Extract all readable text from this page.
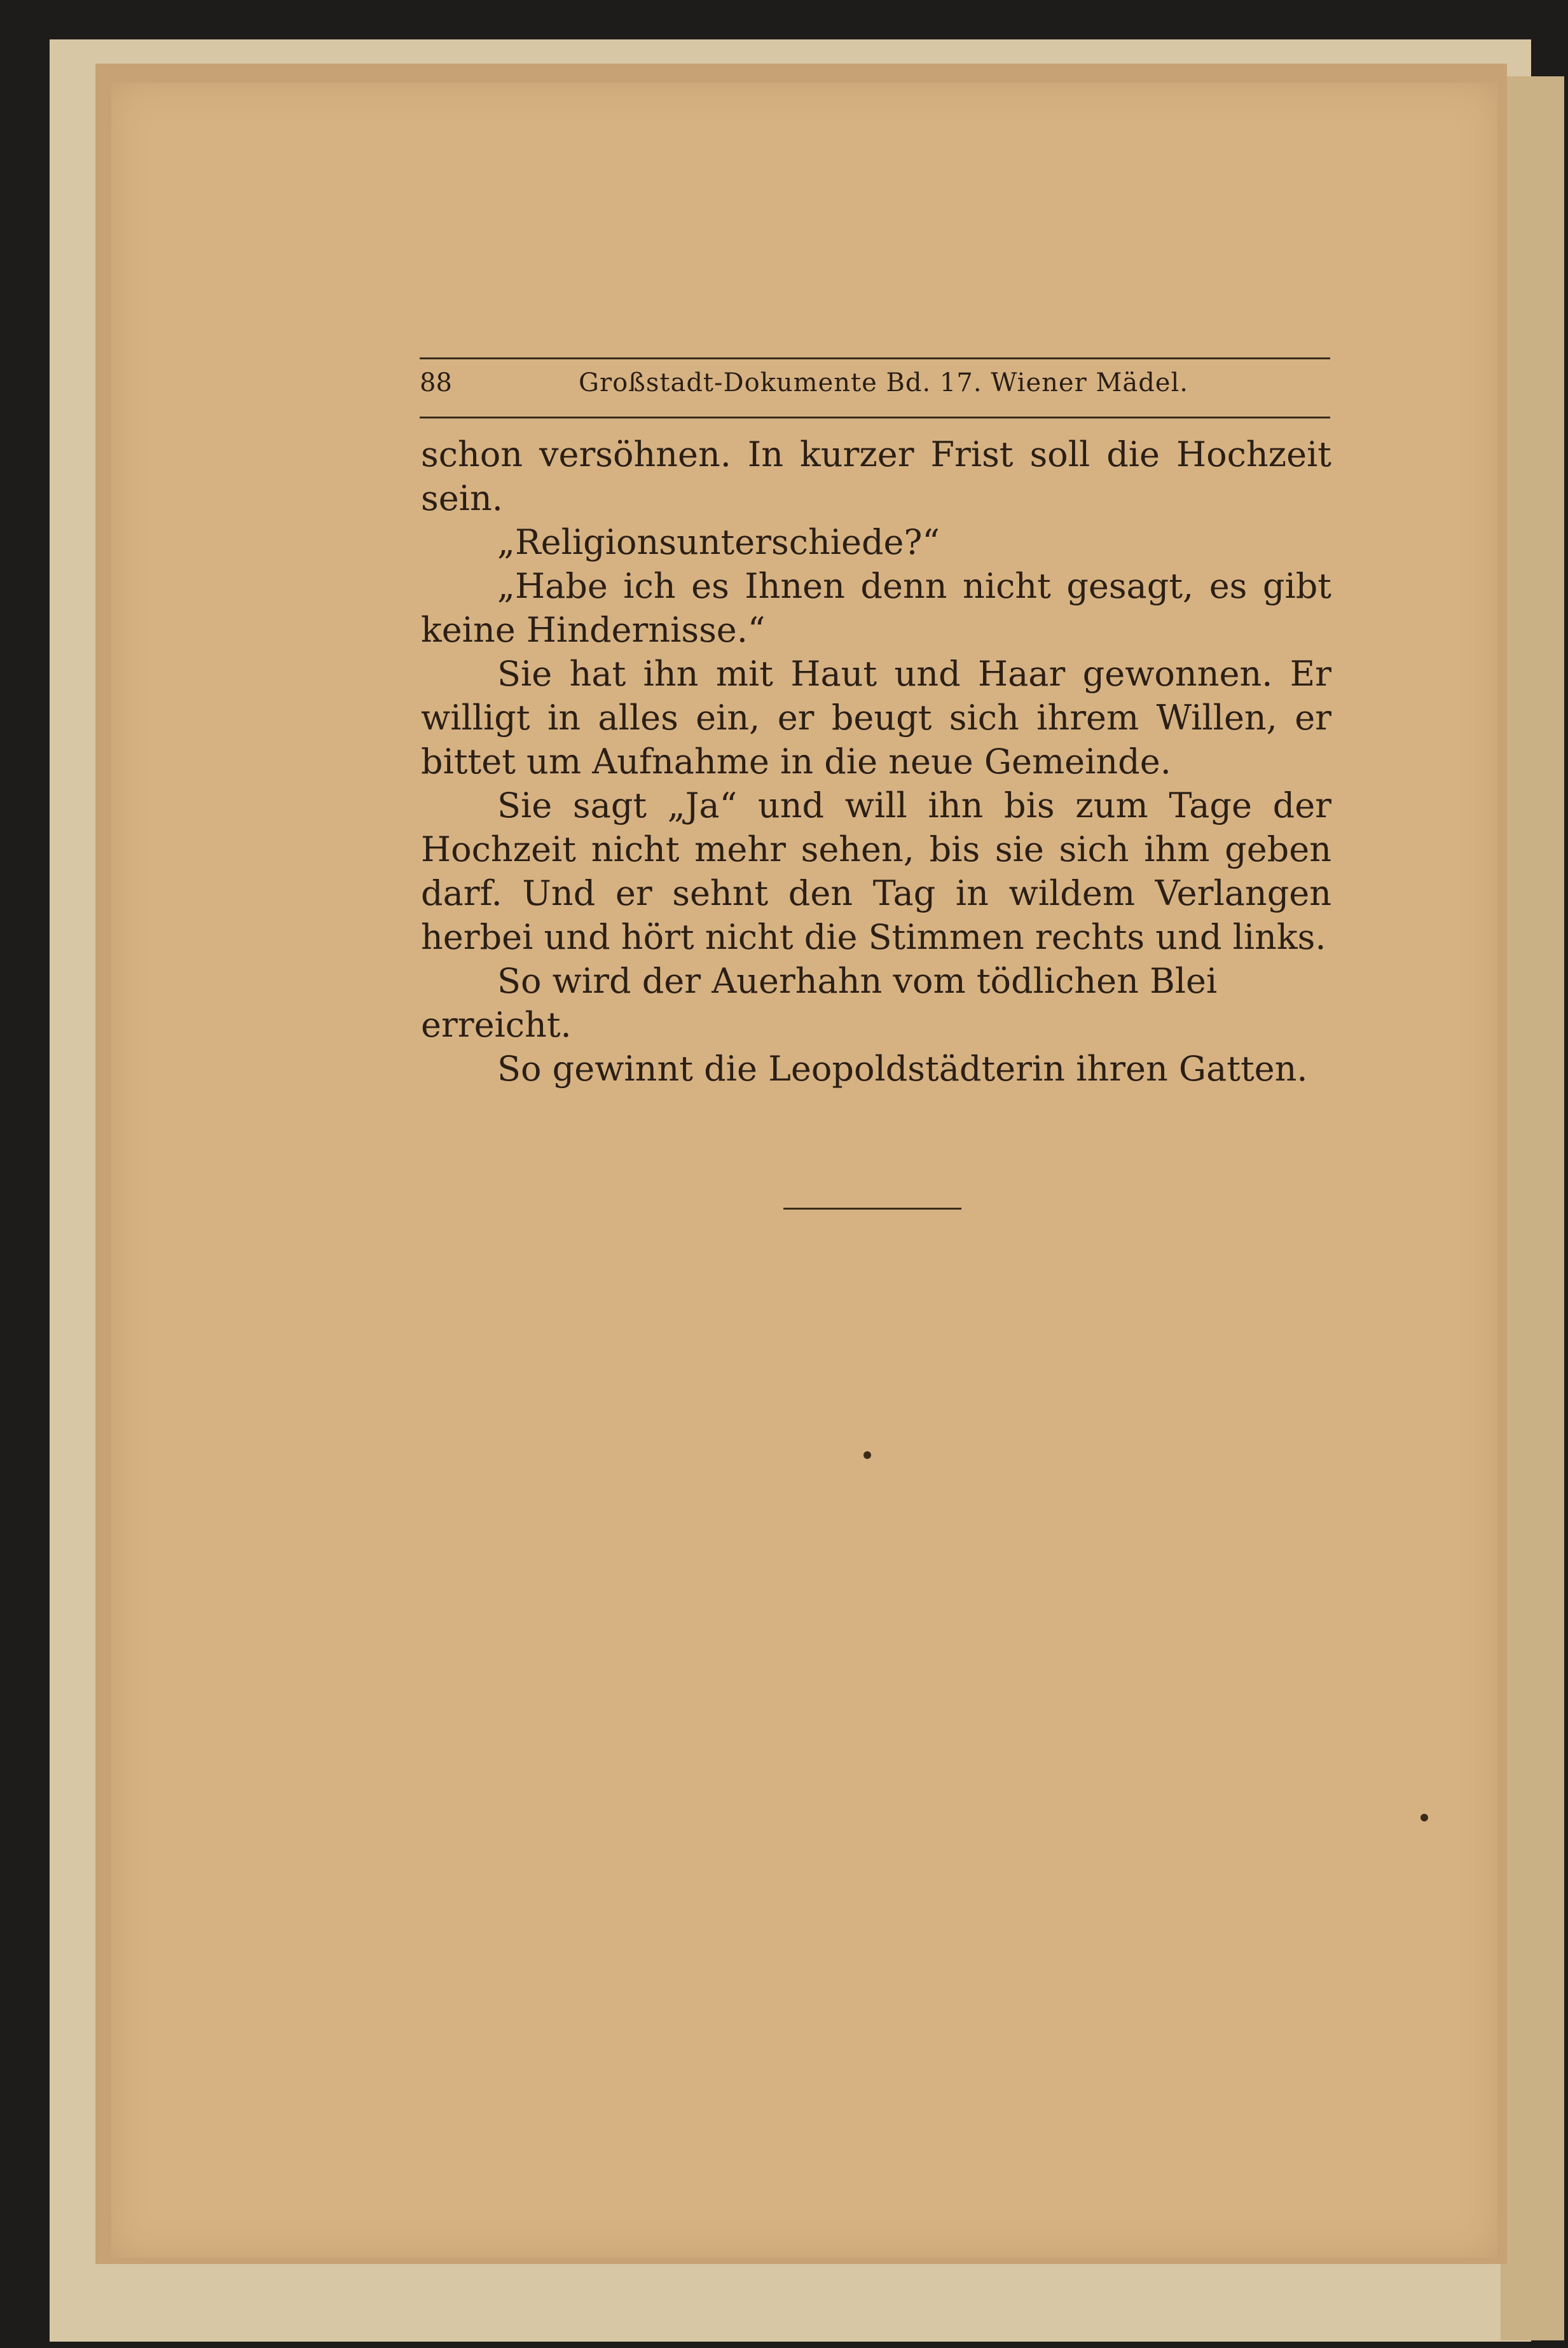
88	Großstadt-Dokumente Bd. 17. Wiener Mädel.

schon versöhnen. In kurzer Frist soll die Hochzeit sein.

„Religionsunterschiede?“

„Habe ich es Ihnen denn nicht gesagt, es gibt keine Hindernisse.“

Sie hat ihn mit Haut und Haar gewonnen. Er willigt in alles ein, er beugt sich ihrem Willen, er bittet um Aufnahme in die neue Gemeinde.

Sie sagt „Ja“ und will ihn bis zum Tage der Hochzeit nicht mehr sehen, bis sie sich ihm geben darf. Und er sehnt den Tag in wildem Verlangen herbei und hört nicht die Stimmen rechts und links.

So wird der Auerhahn vom tödlichen Blei erreicht.

So gewinnt die Leopoldstädterin ihren Gatten.
